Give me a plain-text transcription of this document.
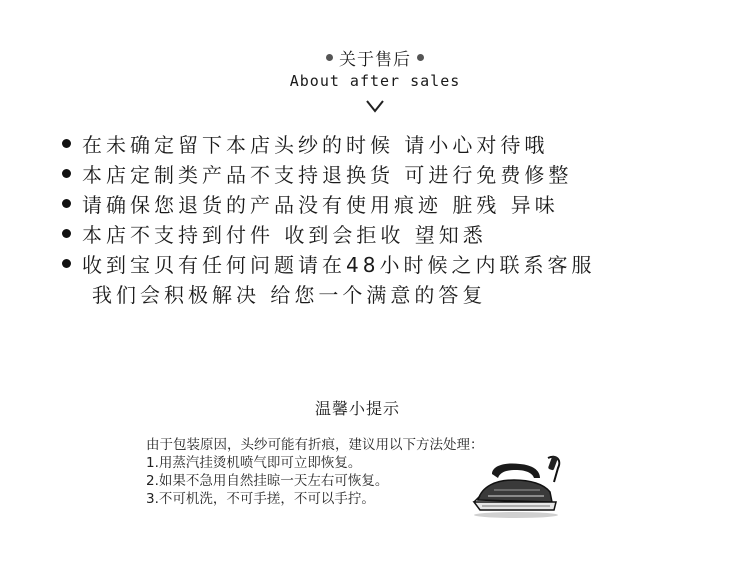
关于售后
About after sales
在未确定留下本店头纱的时候 请小心对待哦
本店定制类产品不支持退换货 可进行免费修整
请确保您退货的产品没有使用痕迹 脏残 异味
本店不支持到付件 收到会拒收 望知悉
收到宝贝有任何问题请在48小时候之内联系客服
我们会积极解决 给您一个满意的答复
温馨小提示
由于包装原因，头纱可能有折痕，建议用以下方法处理：
1.用蒸汽挂烫机喷气即可立即恢复。
2.如果不急用自然挂晾一天左右可恢复。
3.不可机洗，不可手搓，不可以手拧。
